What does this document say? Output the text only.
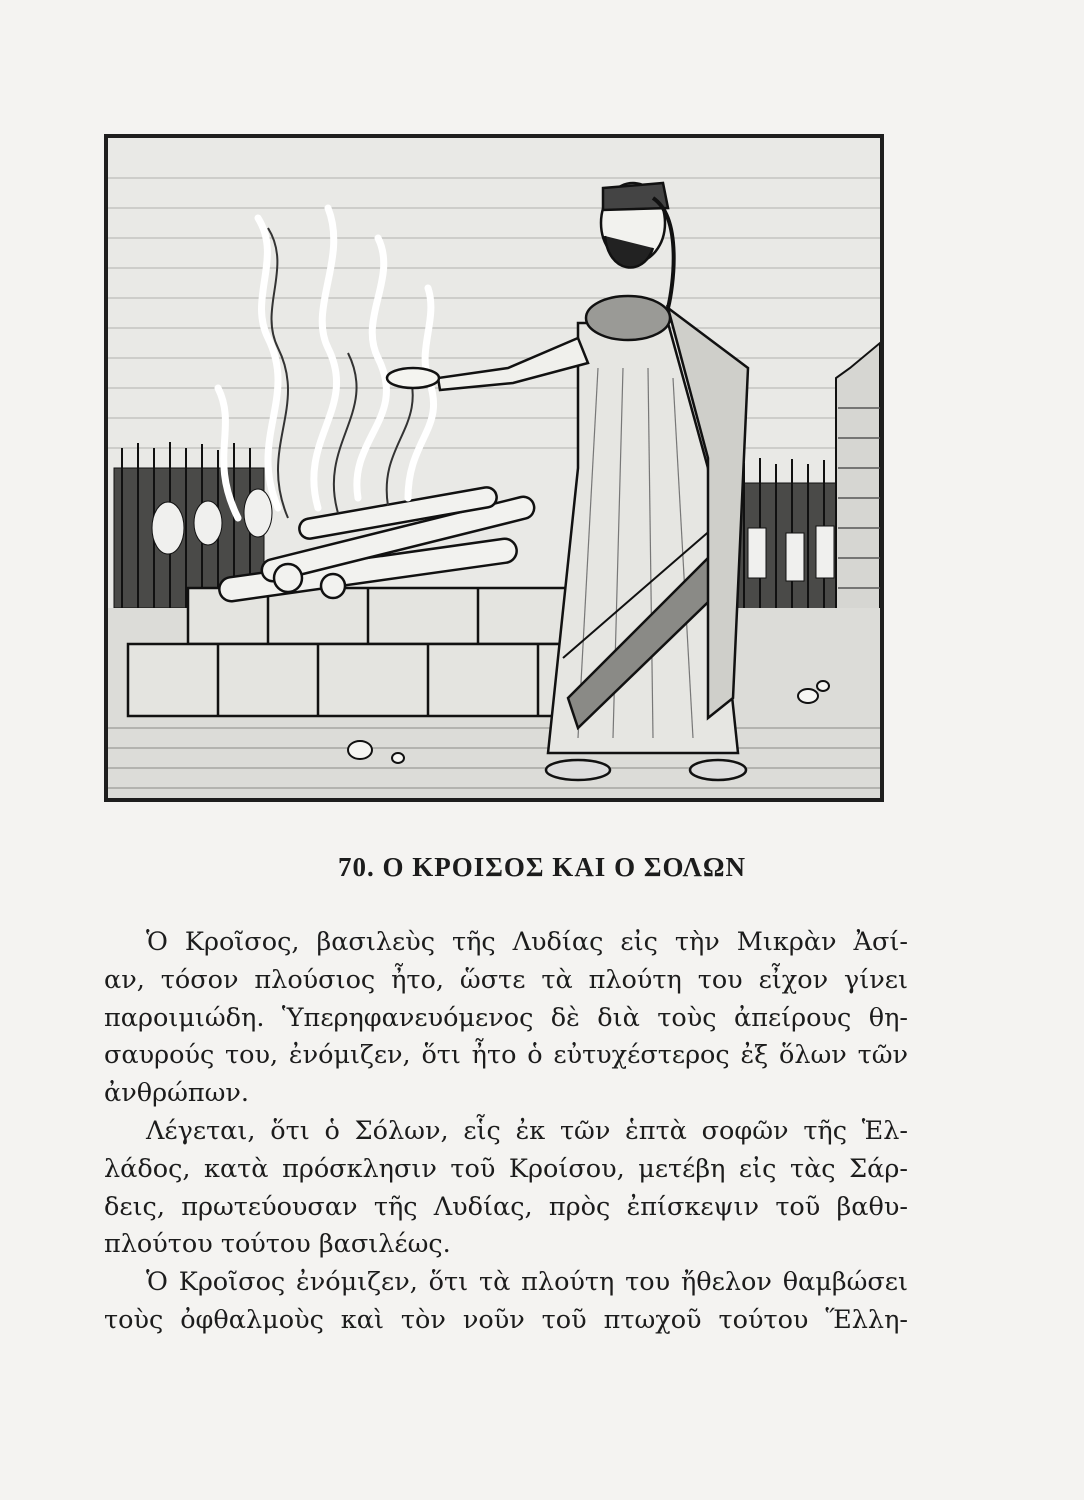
70. Ο ΚΡΟΙΣΟΣ ΚΑΙ Ο ΣΟΛΩΝ
Ὁ Κροῖσος, βασιλεὺς τῆς Λυδίας εἰς τὴν Μικρὰν Ἀσί-
αν, τόσον πλούσιος ἦτο, ὥστε τὰ πλούτη του εἶχον γίνει
παροιμιώδη. Ὑπερηφανευόμενος δὲ διὰ τοὺς ἀπείρους θη-
σαυρούς του, ἐνόμιζεν, ὅτι ἦτο ὁ εὐτυχέστερος ἐξ ὅλων τῶν
ἀνθρώπων.
Λέγεται, ὅτι ὁ Σόλων, εἷς ἐκ τῶν ἑπτὰ σοφῶν τῆς Ἑλ-
λάδος, κατὰ πρόσκλησιν τοῦ Κροίσου, μετέβη εἰς τὰς Σάρ-
δεις, πρωτεύουσαν τῆς Λυδίας, πρὸς ἐπίσκεψιν τοῦ βαθυ-
πλούτου τούτου βασιλέως.
Ὁ Κροῖσος ἐνόμιζεν, ὅτι τὰ πλούτη του ἤθελον θαμβώσει
τοὺς ὀφθαλμοὺς καὶ τὸν νοῦν τοῦ πτωχοῦ τούτου Ἕλλη-
